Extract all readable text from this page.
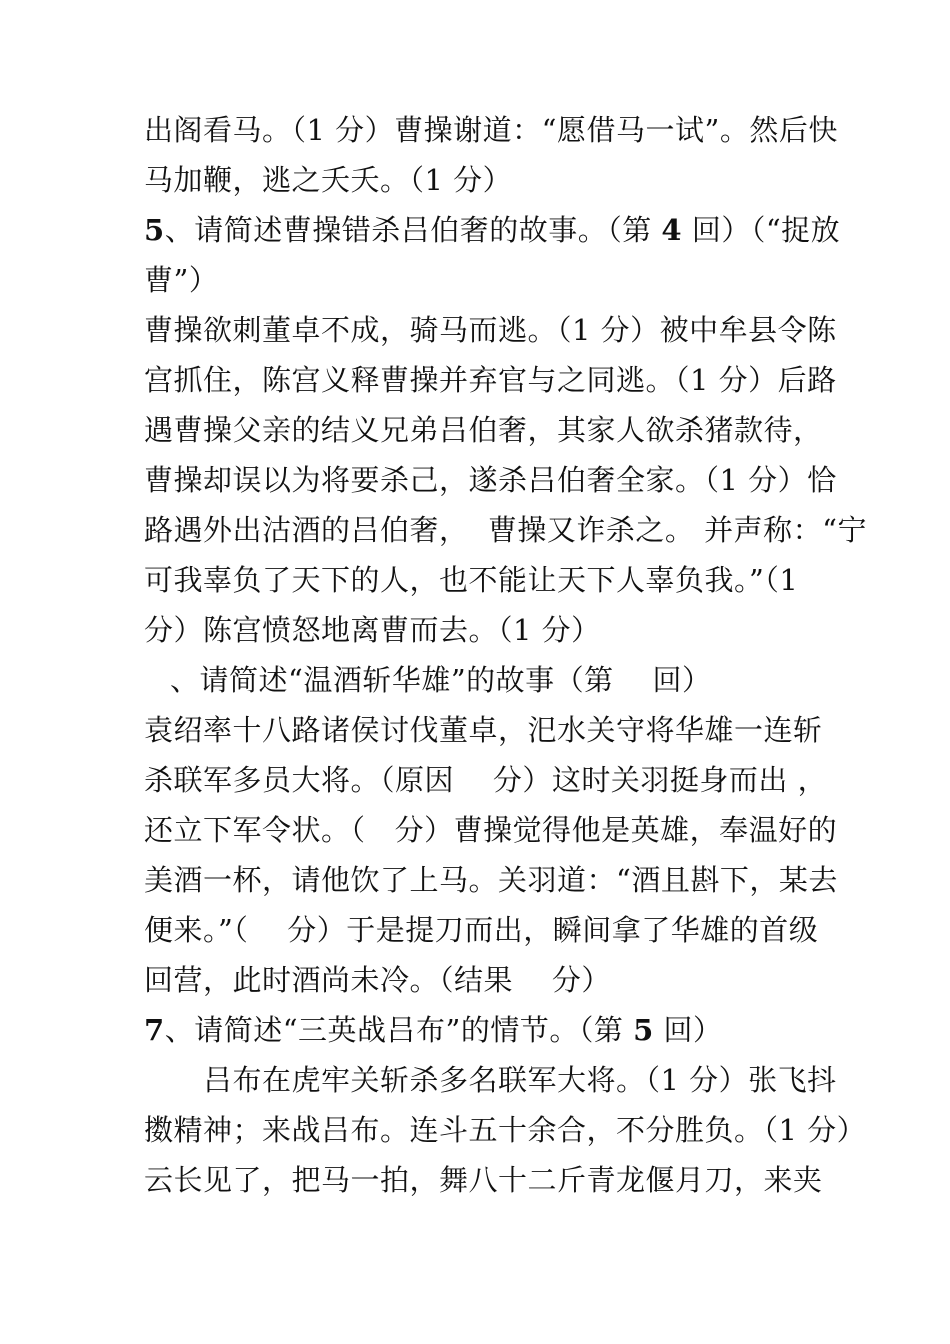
出阁看马。（1 分）曹操谢道：“愿借马一试”。然后快
马加鞭，逃之夭夭。（1 分）
5、请简述曹操错杀吕伯奢的故事。（第 4 回）（“捉放
曹”）
曹操欲刺董卓不成，骑马而逃。（1 分）被中牟县令陈
宫抓住，陈宫义释曹操并弃官与之同逃。（1 分）后路
遇曹操父亲的结义兄弟吕伯奢，其家人欲杀猪款待，
曹操却误以为将要杀己，遂杀吕伯奢全家。（1 分）恰
路遇外出沽酒的吕伯奢，  曹操又诈杀之。 并声称：“宁
可我辜负了天下的人，也不能让天下人辜负我。”（1
分）陈宫愤怒地离曹而去。（1 分）
、请简述“温酒斩华雄”的故事（第    回）
袁绍率十八路诸侯讨伐董卓，汜水关守将华雄一连斩
杀联军多员大将。（原因    分）这时关羽挺身而出 ，
还立下军令状。（   分）曹操觉得他是英雄，奉温好的
美酒一杯，请他饮了上马。关羽道：“酒且斟下，某去
便来。”（    分）于是提刀而出，瞬间拿了华雄的首级
回营，此时酒尚未冷。（结果    分）
7、请简述“三英战吕布”的情节。（第 5 回）
吕布在虎牢关斩杀多名联军大将。（1 分）张飞抖
擞精神；来战吕布。连斗五十余合，不分胜负。（1 分）
云长见了，把马一拍，舞八十二斤青龙偃月刀，来夹
